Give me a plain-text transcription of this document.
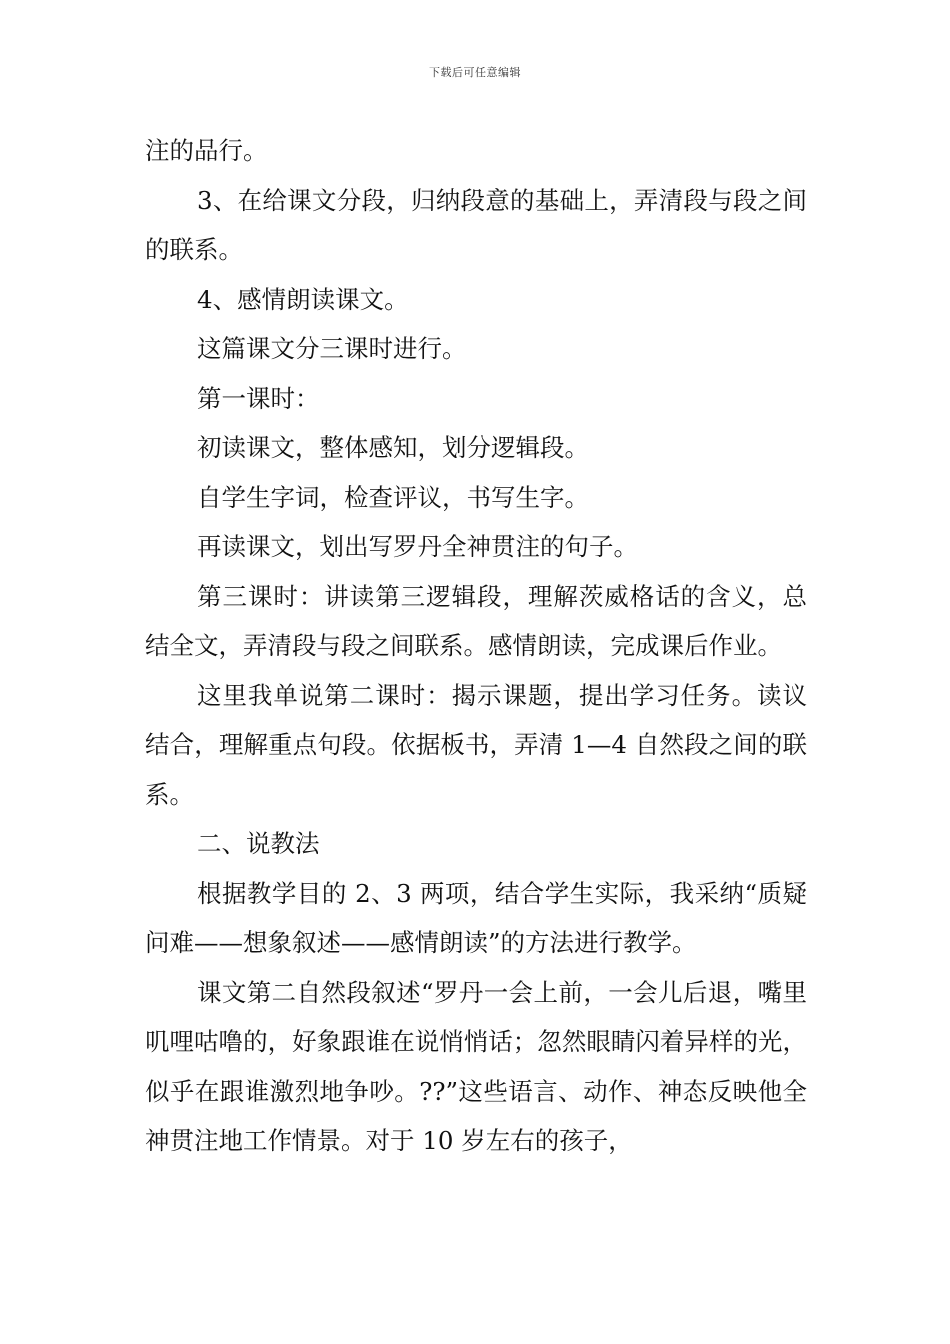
下载后可任意编辑

注的品行。

3、在给课文分段，归纳段意的基础上，弄清段与段之间的联系。

4、感情朗读课文。

这篇课文分三课时进行。

第一课时：

初读课文，整体感知，划分逻辑段。

自学生字词，检查评议，书写生字。

再读课文，划出写罗丹全神贯注的句子。

第三课时：讲读第三逻辑段，理解茨威格话的含义，总结全文，弄清段与段之间联系。感情朗读，完成课后作业。

这里我单说第二课时：揭示课题，提出学习任务。读议结合，理解重点句段。依据板书，弄清 1—4 自然段之间的联系。

二、说教法

根据教学目的 2、3 两项，结合学生实际，我采纳“质疑问难——想象叙述——感情朗读”的方法进行教学。

课文第二自然段叙述“罗丹一会上前，一会儿后退，嘴里叽哩咕噜的，好象跟谁在说悄悄话；忽然眼睛闪着异样的光，似乎在跟谁激烈地争吵。??”这些语言、动作、神态反映他全神贯注地工作情景。对于 10 岁左右的孩子，
